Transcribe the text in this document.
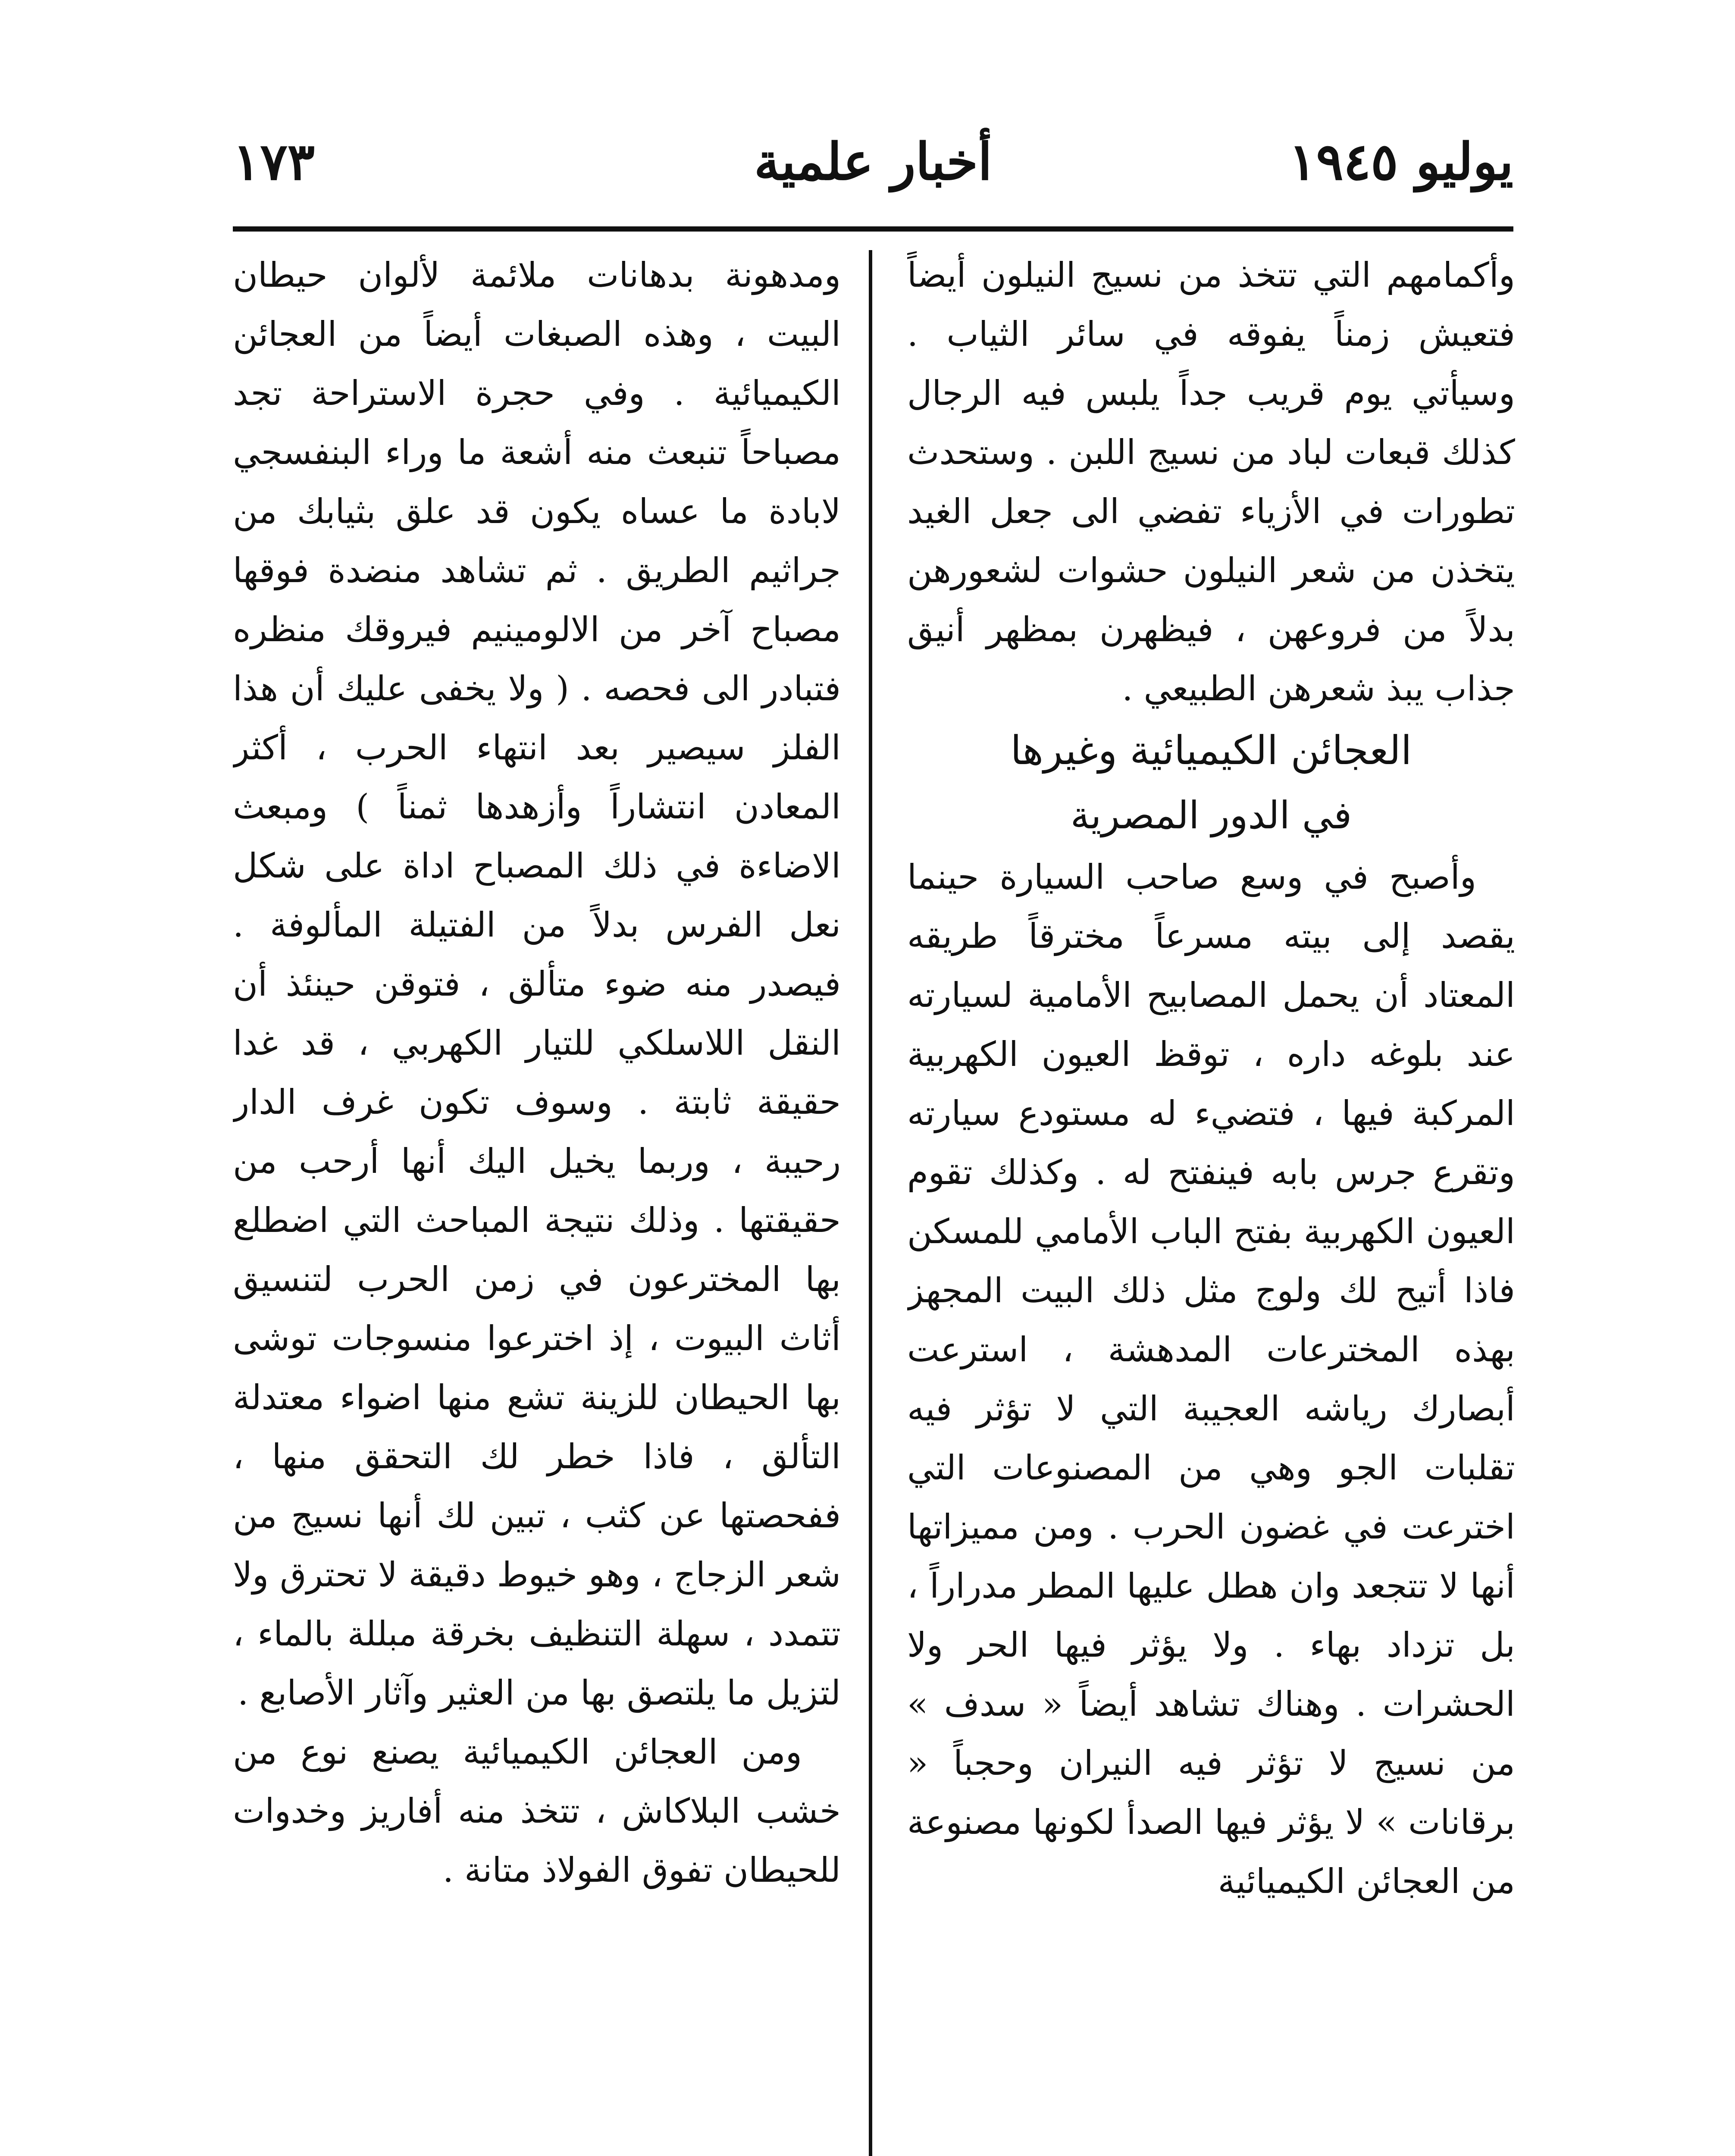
يوليو ١٩٤٥
أخبار علمية
١٧٣

وأكمامهم التي تتخذ من نسيج النيلون أيضاً فتعيش زمناً يفوقه في سائر الثياب . وسيأتي يوم قريب جداً يلبس فيه الرجال كذلك قبعات لباد من نسيج اللبن . وستحدث تطورات في الأزياء تفضي الى جعل الغيد يتخذن من شعر النيلون حشوات لشعورهن بدلاً من فروعهن ، فيظهرن بمظهر أنيق جذاب يبذ شعرهن الطبيعي .

العجائن الكيميائية وغيرها

في الدور المصرية

وأصبح في وسع صاحب السيارة حينما يقصد إلى بيته مسرعاً مخترقاً طريقه المعتاد أن يحمل المصابيح الأمامية لسيارته عند بلوغه داره ، توقظ العيون الكهربية المركبة فيها ، فتضيء له مستودع سيارته وتقرع جرس بابه فينفتح له . وكذلك تقوم العيون الكهربية بفتح الباب الأمامي للمسكن فاذا أتيح لك ولوج مثل ذلك البيت المجهز بهذه المخترعات المدهشة ، استرعت أبصارك رياشه العجيبة التي لا تؤثر فيه تقلبات الجو وهي من المصنوعات التي اخترعت في غضون الحرب . ومن مميزاتها أنها لا تتجعد وان هطل عليها المطر مدراراً ، بل تزداد بهاء . ولا يؤثر فيها الحر ولا الحشرات . وهناك تشاهد أيضاً « سدف » من نسيج لا تؤثر فيه النيران وحجباً « برقانات » لا يؤثر فيها الصدأ لكونها مصنوعة من العجائن الكيميائية

ومدهونة بدهانات ملائمة لألوان حيطان البيت ، وهذه الصبغات أيضاً من العجائن الكيميائية . وفي حجرة الاستراحة تجد مصباحاً تنبعث منه أشعة ما وراء البنفسجي لابادة ما عساه يكون قد علق بثيابك من جراثيم الطريق . ثم تشاهد منضدة فوقها مصباح آخر من الالومينيم فيروقك منظره فتبادر الى فحصه . ( ولا يخفى عليك أن هذا الفلز سيصير بعد انتهاء الحرب ، أكثر المعادن انتشاراً وأزهدها ثمناً ) ومبعث الاضاءة في ذلك المصباح اداة على شكل نعل الفرس بدلاً من الفتيلة المألوفة . فيصدر منه ضوء متألق ، فتوقن حينئذ أن النقل اللاسلكي للتيار الكهربي ، قد غدا حقيقة ثابتة . وسوف تكون غرف الدار رحيبة ، وربما يخيل اليك أنها أرحب من حقيقتها . وذلك نتيجة المباحث التي اضطلع بها المخترعون في زمن الحرب لتنسيق أثاث البيوت ، إذ اخترعوا منسوجات توشى بها الحيطان للزينة تشع منها اضواء معتدلة التألق ، فاذا خطر لك التحقق منها ، ففحصتها عن كثب ، تبين لك أنها نسيج من شعر الزجاج ، وهو خيوط دقيقة لا تحترق ولا تتمدد ، سهلة التنظيف بخرقة مبللة بالماء ، لتزيل ما يلتصق بها من العثير وآثار الأصابع .

ومن العجائن الكيميائية يصنع نوع من خشب البلاكاش ، تتخذ منه أفاريز وخدوات للحيطان تفوق الفولاذ متانة .
